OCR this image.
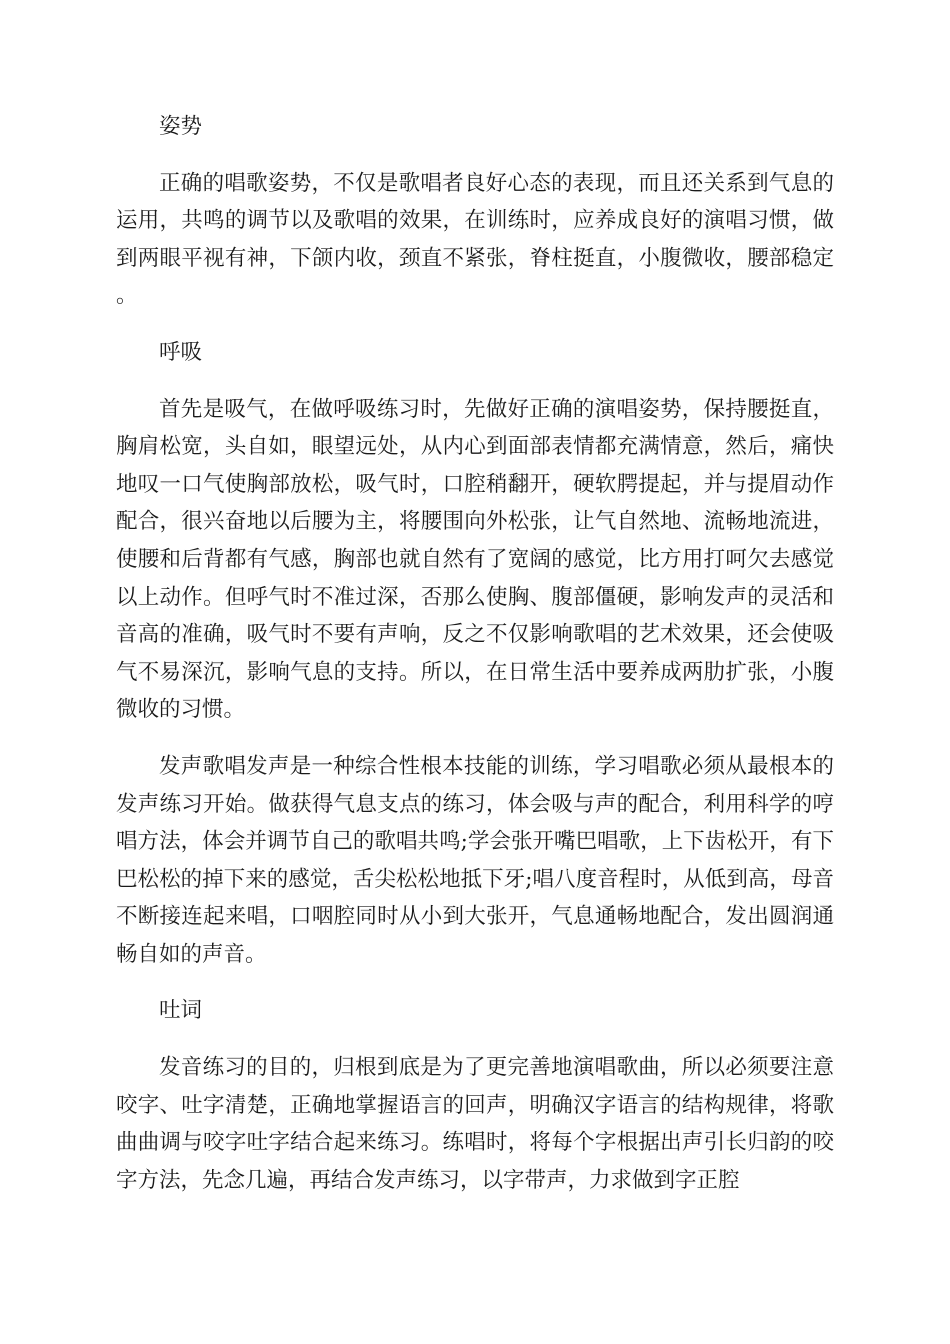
姿势

正确的唱歌姿势，不仅是歌唱者良好心态的表现，而且还关系到气息的运用，共鸣的调节以及歌唱的效果，在训练时，应养成良好的演唱习惯，做到两眼平视有神，下颌内收，颈直不紧张，脊柱挺直，小腹微收，腰部稳定。

呼吸

首先是吸气，在做呼吸练习时，先做好正确的演唱姿势，保持腰挺直，胸肩松宽，头自如，眼望远处，从内心到面部表情都充满情意，然后，痛快地叹一口气使胸部放松，吸气时，口腔稍翻开，硬软腭提起，并与提眉动作配合，很兴奋地以后腰为主，将腰围向外松张，让气自然地、流畅地流进，使腰和后背都有气感，胸部也就自然有了宽阔的感觉，比方用打呵欠去感觉以上动作。但呼气时不准过深，否那么使胸、腹部僵硬，影响发声的灵活和音高的准确，吸气时不要有声响，反之不仅影响歌唱的艺术效果，还会使吸气不易深沉，影响气息的支持。所以，在日常生活中要养成两肋扩张，小腹微收的习惯。

发声歌唱发声是一种综合性根本技能的训练，学习唱歌必须从最根本的发声练习开始。做获得气息支点的练习，体会吸与声的配合，利用科学的哼唱方法，体会并调节自己的歌唱共鸣;学会张开嘴巴唱歌，上下齿松开，有下巴松松的掉下来的感觉，舌尖松松地抵下牙;唱八度音程时，从低到高，母音不断接连起来唱，口咽腔同时从小到大张开，气息通畅地配合，发出圆润通畅自如的声音。

吐词

发音练习的目的，归根到底是为了更完善地演唱歌曲，所以必须要注意咬字、吐字清楚，正确地掌握语言的回声，明确汉字语言的结构规律，将歌曲曲调与咬字吐字结合起来练习。练唱时，将每个字根据出声引长归韵的咬字方法，先念几遍，再结合发声练习，以字带声，力求做到字正腔
